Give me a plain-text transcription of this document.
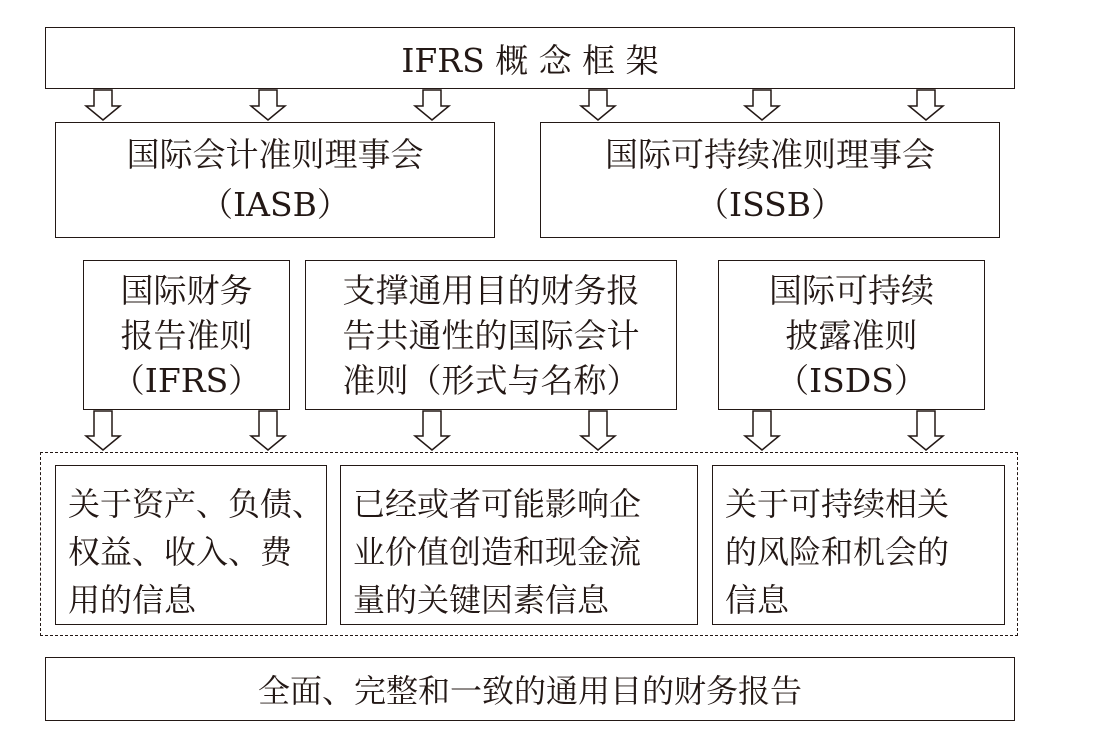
IFRS 概 念 框 架
国际会计准则理事会
（IASB）
国际可持续准则理事会
（ISSB）
国际财务
报告准则
（IFRS）
支撑通用目的财务报
告共通性的国际会计
准则（形式与名称）
国际可持续
披露准则
（ISDS）
关于资产、负债、
权益、收入、费
用的信息
已经或者可能影响企
业价值创造和现金流
量的关键因素信息
关于可持续相关
的风险和机会的
信息
全面、完整和一致的通用目的财务报告
